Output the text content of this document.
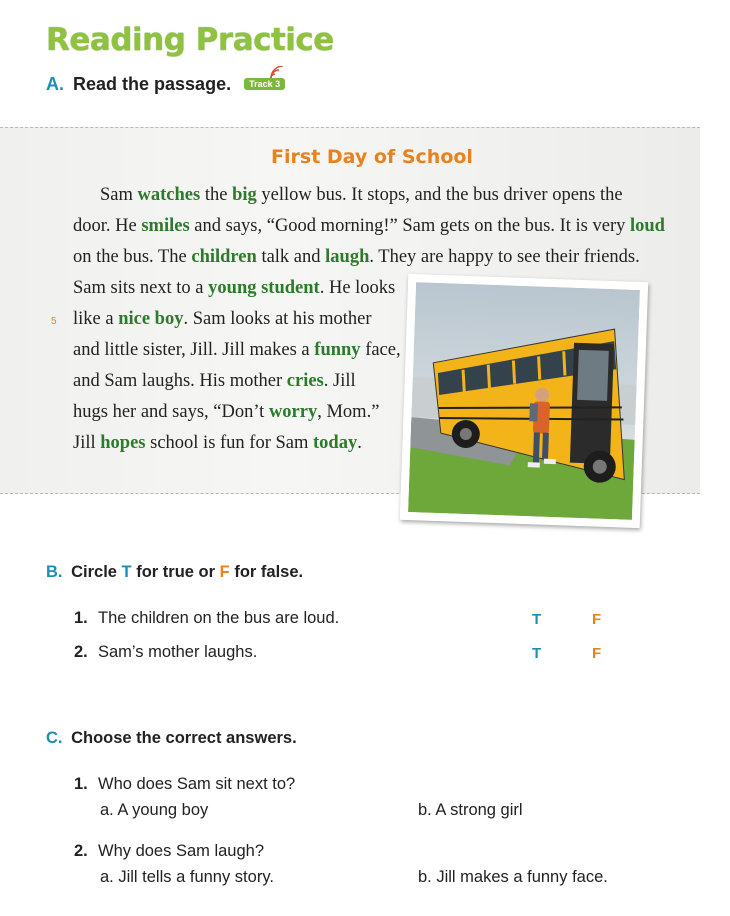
Reading Practice
A. Read the passage. Track 3
First Day of School
5
Sam watches the big yellow bus. It stops, and the bus driver opens the
door. He smiles and says, “Good morning!” Sam gets on the bus. It is very loud
on the bus. The children talk and laugh. They are happy to see their friends.
Sam sits next to a young student. He looks
like a nice boy. Sam looks at his mother
and little sister, Jill. Jill makes a funny face,
and Sam laughs. His mother cries. Jill
hugs her and says, “Don’t worry, Mom.”
Jill hopes school is fun for Sam today.
B. Circle T for true or F for false.
1. The children on the bus are loud.	T	F
2. Sam’s mother laughs.	T	F
C. Choose the correct answers.
1. Who does Sam sit next to?
a. A young boy	b. A strong girl
2. Why does Sam laugh?
a. Jill tells a funny story.	b. Jill makes a funny face.
